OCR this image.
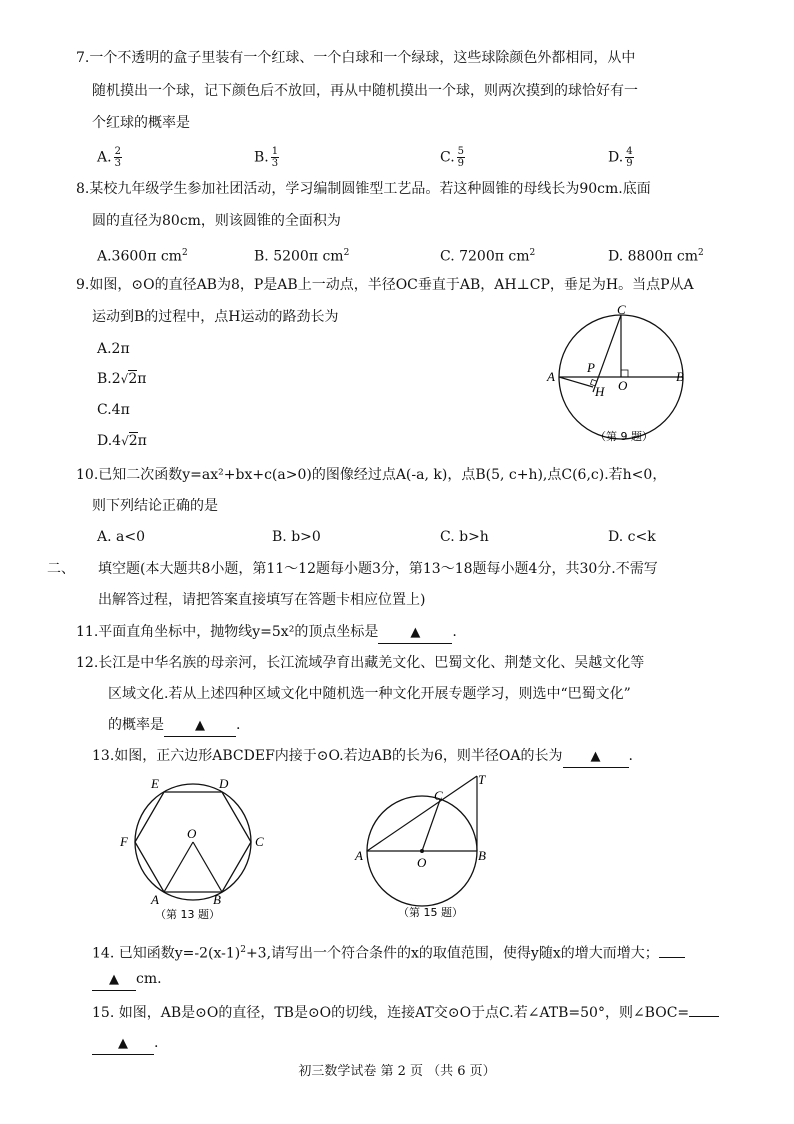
7.一个不透明的盒子里装有一个红球、一个白球和一个绿球，这些球除颜色外都相同，从中
随机摸出一个球，记下颜色后不放回，再从中随机摸出一个球，则两次摸到的球恰好有一
个红球的概率是
A. $\frac{2}{3}$	B. $\frac{1}{3}$	C. $\frac{5}{9}$	D. $\frac{4}{9}$
8.某校九年级学生参加社团活动，学习编制圆锥型工艺品。若这种圆锥的母线长为90cm.底面
圆的直径为80cm，则该圆锥的全面积为
A.3600π $cm^2$	B. 5200π $cm^2$	C. 7200π $cm^2$	D. 8800π $cm^2$
9.如图，⊙O的直径AB为8，P是AB上一动点，半径OC垂直于AB，AH⊥CP，垂足为H。当点P从A
运动到B的过程中，点H运动的路劲长为
A.2π
B.2√2π
C.4π
D.4√2π
C
A
P
O
B
H
（第 9 题）
10.已知二次函数y=ax²+bx+c(a>0)的图像经过点A(-a, k)，点B(5, c+h),点C(6,c).若h<0，
则下列结论正确的是
A. a<0	B. b>0	C. b>h	D. c<k
二、 填空题(本大题共8小题，第11～12题每小题3分，第13～18题每小题4分，共30分.不需写
出解答过程，请把答案直接填写在答题卡相应位置上)
11.平面直角坐标中，抛物线y=5x²的顶点坐标是 ▲ .
12.长江是中华名族的母亲河，长江流域孕育出藏羌文化、巴蜀文化、荆楚文化、吴越文化等
区域文化.若从上述四种区域文化中随机选一种文化开展专题学习，则选中“巴蜀文化”
的概率是 ▲ .
13.如图，正六边形ABCDEF内接于⊙O.若边AB的长为6，则半径OA的长为 ▲ .
E	D
F
O
C
A	B
（第 13 题）
T
C
A	O	B
（第 15 题）
14. 已知函数$y=-2(x-1)^2+3$,请写出一个符合条件的x的取值范围，使得y随x的增大而增大；
▲ cm.
15. 如图，AB是⊙O的直径，TB是⊙O的切线，连接AT交⊙O于点C.若∠ATB=50°，则∠BOC=
▲ .
初三数学试卷 第 2 页 （共 6 页）
